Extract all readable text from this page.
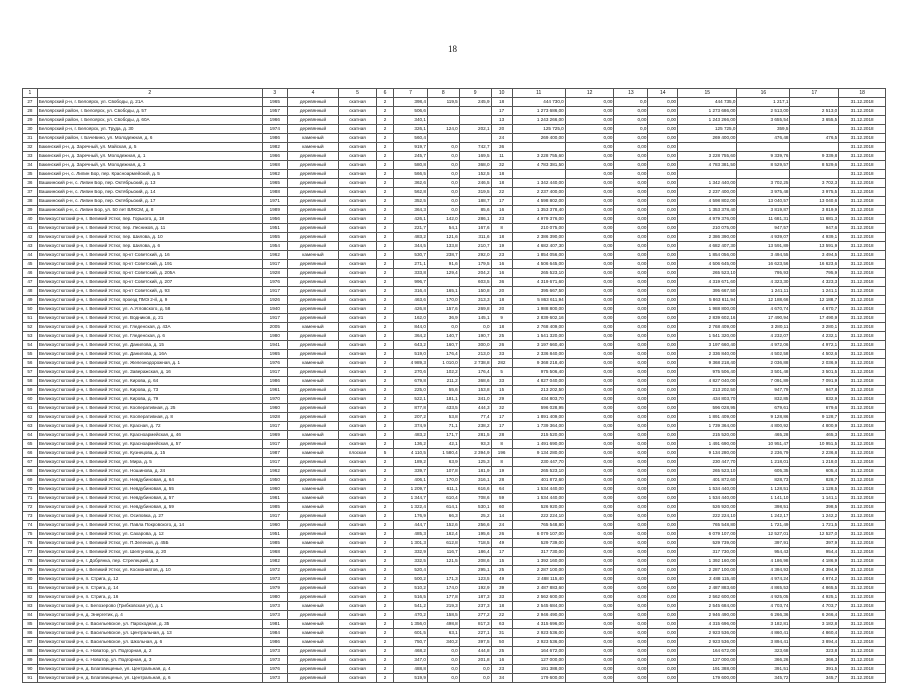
18
1	2	3	4	5	6	7	8	9	10	11	12	13	14	15	16	17	18
27	Белоярский р-н, г. Белоярск, ул. Свободы, д. 21А	1965	деревянный	скатная	2	398,4	119,5	245,9	18	444 730,0	0,00	0,0	0,00	444 735,0	1 217,1		31.12.2018
28	Белоярский район, г. Белоярск, ул. Свободы, д. 57	1957	деревянный	скатная	2	506,6			17	1 273 686,00	0,00	0,00	0,00	1 273 686,00	2 513,00	2 513,0	31.12.2018
29	Белоярский район, г. Белоярск, ул. Свободы, д. 60А	1966	деревянный	скатная	2	340,1			13	1 243 266,00	0,00	0,00	0,00	1 243 266,00	3 655,54	3 655,5	31.12.2018
30	Белоярский р-н, г. Белоярск, ул. Труда, д. 30	1974	деревянный	скатная	2	326,1	124,0	202,1	20	125 725,0	0,00	0,0	0,00	125 725,0	359,5		31.12.2018
31	Белоярский район, г. Бачевино, ул. Молодежная, д. 6	1986	каменный	скатная	2	560,4			24	269 400,00	0,00	0,00	0,00	269 400,00	476,48	476,5	31.12.2018
32	Бакинский р-н, д. Заречный, ул. Майская, д. 5	1982	каменный	скатная	2	919,7	0,0	742,7	36		0,00	0,00	0,00				31.12.2018
33	Бакинский р-н, д. Заречный, ул. Молодежная, д. 1	1966	деревянный	скатная	2	245,7	0,0	169,5	11	3 228 755,60	0,00	0,00	0,00	3 228 755,60	9 339,76	9 339,8	31.12.2018
34	Бакинский р-н, д. Заречный, ул. Молодежная, д. 3	1968	деревянный	скатная	2	580,8	0,0	368,0	32	4 783 381,50	0,00	0,00	0,00	4 783 381,50	8 529,57	8 529,6	31.12.2018
35	Бакинский р-н, с. Липин Бор, пер. Красноармейский, д. 5	1962	деревянный	скатная	2	566,5	0,0	152,5	18		0,00	0,00	0,00				31.12.2018
36	Вашкинский р-н, с. Липин Бор, пер. Октябрьский, д. 13	1965	деревянный	скатная	2	362,6	0,0	246,5	18	1 342 440,00	0,00	0,00	0,00	1 342 440,00	3 702,25	3 702,3	31.12.2018
37	Вашкинский р-н, с. Липин Бор, пер. Октябрьский, д. 14	1988	деревянный	скатная	2	562,8	0,0	319,5	22	2 237 400,00	0,00	0,00	0,00	2 237 400,00	3 975,48	3 975,5	31.12.2018
38	Вашкинский р-н, с. Липин Бор, пер. Октябрьский, д. 17	1971	деревянный	скатная	2	352,5	0,0	188,7	17	4 598 802,00	0,00	0,00	0,00	4 598 802,00	13 040,57	13 040,6	31.12.2018
39	Вашкинский р-н, с. Липин Бор, ул. 50 лет ВЛКСМ, д. 8	1989	деревянный	скатная	2	364,3	0,0	85,6	16	1 353 378,40	0,00	0,00	0,00	1 353 378,40	3 819,87	3 819,9	31.12.2018
40	Великоустюгский р-н, г. Великий Устюг, пер. Горького, д. 18	1956	деревянный	скатная	2	426,1	142,0	286,1	23	4 979 376,00	0,00	0,00	0,00	4 979 376,00	11 681,31	11 681,3	31.12.2018
41	Великоустюгский р-н, г. Великий Устюг, пер. Лесников, д. 11	1951	деревянный	скатная	2	221,7	54,1	167,6	8	210 075,00	0,00	0,00	0,00	210 075,00	947,57	947,6	31.12.2018
42	Великоустюгский р-н, г. Великий Устюг, пер. Шилова, д. 10	1955	деревянный	скатная	2	483,2	121,6	311,6	18	2 386 390,00	0,00	0,00	0,00	2 386 390,00	4 939,07	4 939,1	31.12.2018
43	Великоустюгский р-н, г. Великий Устюг, пер. Шилова, д. 6	1954	деревянный	скатная	2	344,5	133,8	210,7	19	4 682 407,30	0,00	0,00	0,00	4 682 407,30	13 591,89	13 591,9	31.12.2018
44	Великоустюгский р-н, г. Великий Устюг, пр-кт Советский, д. 16	1962	каменный	скатная	2	530,7	238,7	292,0	23	1 854 056,00	0,00	0,00	0,00	1 854 056,00	3 494,55	3 494,5	31.12.2018
45	Великоустюгский р-н, г. Великий Устюг, пр-кт Советский, д. 191	1917	деревянный	скатная	2	271,1	91,6	179,5	16	4 506 645,00	0,00	0,00	0,00	4 506 645,00	16 623,56	16 623,6	31.12.2018
46	Великоустюгский р-н, г. Великий Устюг, пр-кт Советский, д. 205А	1928	деревянный	скатная	2	333,8	129,4	204,2	16	265 523,10	0,00	0,00	0,00	265 523,10	795,93	795,9	31.12.2018
47	Великоустюгский р-н, г. Великий Устюг, пр-кт Советский, д. 207	1976	деревянный	скатная	2	996,7		603,5	36	4 319 671,60	0,00	0,00	0,00	4 319 671,60	4 323,30	4 323,3	31.12.2018
48	Великоустюгский р-н, г. Великий Устюг, пр-кт Советский, д. 93	1917	деревянный	скатная	2	316,4	165,1	150,8	20	395 667,50	0,00	0,00	0,00	395 667,50	1 241,11	1 241,1	31.12.2018
49	Великоустюгский р-н, г. Великий Устюг, проезд ПМЭ 2-й, д. 9	1926	деревянный	скатная	2	463,6	170,0	313,3	18	5 863 611,94	0,00	0,00	0,00	5 863 611,94	12 188,66	12 188,7	31.12.2018
50	Великоустюгский р-н, г. Великий Устюг, ул. А.Угловского, д. 58	1940	деревянный	скатная	2	426,8	157,6	269,8	20	1 988 800,00	0,00	0,00	0,00	1 988 800,00	4 670,74	4 670,7	31.12.2018
51	Великоустюгский р-н, г. Великий Устюг, ул. Водников, д. 21	1917	деревянный	скатная	2	162,0	36,9	145,1	9	2 839 602,16	0,00	0,00	0,00	2 839 602,16	17 490,94	17 490,9	31.12.2018
52	Великоустюгский р-н, г. Великий Устюг, ул. Гледенская, д. 43А	2005	каменный	скатная	2	844,0	0,0	0,0	18	2 768 409,00	0,00	0,00	0,00	2 768 409,00	3 280,11	3 280,1	31.12.2018
53	Великоустюгский р-н, г. Великий Устюг, ул. Гледенская, д. 6	1980	деревянный	скатная	2	364,2	140,7	190,7	25	1 541 320,00	0,00	0,00	0,00	1 541 320,00	4 232,07	4 232,1	31.12.2018
54	Великоустюгский р-н, г. Великий Устюг, ул. Данилова, д. 15	1941	деревянный	скатная	2	643,2	160,7	300,0	26	3 197 660,40	0,00	0,00	0,00	3 197 660,40	4 972,06	4 972,1	31.12.2018
55	Великоустюгский р-н, г. Великий Устюг, ул. Данилова, д. 16А	1965	деревянный	скатная	2	519,0	176,4	213,0	33	2 336 840,00	0,00	0,00	0,00	2 336 840,00	4 502,58	4 502,6	31.12.2018
56	Великоустюгский р-н, г. Великий Устюг, ул. Железнодорожная, д. 1	1976	каменный	скатная	2	4 989,3	1 010,0	2 738,8	282	9 368 218,40	0,00	0,00	0,00	9 368 218,40	2 036,88	2 036,9	31.12.2018
57	Великоустюгский р-н, г. Великий Устюг, ул. Заверажская, д. 16	1917	деревянный	скатная	2	270,6	102,2	176,4	5	975 506,40	0,00	0,00	0,00	975 506,40	3 501,48	3 501,5	31.12.2018
58	Великоустюгский р-н, г. Великий Устюг, ул. Кирова, д. 64	1986	каменный	скатная	2	679,8	211,2	368,6	33	4 827 040,00	0,00	0,00	0,00	4 827 040,00	7 091,89	7 091,9	31.12.2018
59	Великоустюгский р-н, г. Великий Устюг, ул. Кирова, д. 73	1961	деревянный	скатная	2	225,0	55,6	153,8	15	213 202,50	0,00	0,00	0,00	213 202,50	947,79	947,8	31.12.2018
60	Великоустюгский р-н, г. Великий Устюг, ул. Кирова, д. 79	1970	деревянный	скатная	2	522,1	181,1	341,0	29	434 803,70	0,00	0,00	0,00	434 803,70	832,85	832,9	31.12.2018
61	Великоустюгский р-н, г. Великий Устюг, ул. Кооперативная, д. 25	1960	деревянный	скатная	2	877,8	433,5	444,3	32	596 028,95	0,00	0,00	0,00	596 028,95	679,61	679,6	31.12.2018
62	Великоустюгский р-н, г. Великий Устюг, ул. Кооперативная, д. 8	1928	деревянный	скатная	2	207,2	53,8	77,4	17	1 891 409,00	0,00	0,00	0,00	1 891 409,00	9 128,86	9 128,7	31.12.2018
63	Великоустюгский р-н, г. Великий Устюг, ул. Красная, д. 72	1917	деревянный	скатная	2	374,9	71,1	238,2	17	1 739 364,00	0,00	0,00	0,00	1 739 364,00	4 800,92	4 800,9	31.12.2018
64	Великоустюгский р-н, г. Великий Устюг, ул. Красноармейская, д. 46	1969	каменный	скатная	2	483,2	171,7	281,5	28	215 520,00	0,00	0,00	0,00	215 520,00	465,28	465,3	31.12.2018
65	Великоустюгский р-н, г. Великий Устюг, ул. Красноармейская, д. 57	1917	деревянный	скатная	2	136,2	42,1	93,3	8	1 491 690,00	0,00	0,00	0,00	1 491 690,00	10 951,47	10 951,5	31.12.2018
66	Великоустюгский р-н, г. Великий Устюг, ул. Кузнецова, д. 15	1987	каменный	плоская	5	4 110,5	1 580,4	2 394,9	196	9 134 280,00	0,00	0,00	0,00	9 134 280,00	2 236,79	2 236,8	31.12.2018
67	Великоустюгский р-н, г. Великий Устюг, ул. Мира, д. 5	1917	деревянный	скатная	2	189,2	63,9	125,3	8	230 447,70	0,00	0,00	0,00	230 447,70	1 218,01	1 218,0	31.12.2018
68	Великоустюгский р-н, г. Великий Устюг, ул. Ношинова, д. 24	1962	деревянный	скатная	2	339,7	107,8	181,9	19	265 523,10	0,00	0,00	0,00	265 523,10	605,35	605,4	31.12.2018
69	Великоустюгский р-н, г. Великий Устюг, ул. Невдубиновая, д. 64	1950	деревянный	скатная	2	406,1	170,0	316,1	28	401 872,60	0,00	0,00	0,00	401 872,60	828,73	828,7	31.12.2018
70	Великоустюгский р-н, г. Великий Устюг, ул. Невдубиновая, д. 55	1960	каменный	скатная	2	1 209,7	611,1	616,6	64	1 534 440,00	0,00	0,00	0,00	1 534 440,00	1 128,51	1 128,5	31.12.2018
71	Великоустюгский р-н, г. Великий Устюг, ул. Невдубиновая, д. 57	1961	каменный	скатная	2	1 344,7	610,4	708,6	59	1 534 440,00	0,00	0,00	0,00	1 534 440,00	1 141,10	1 141,1	31.12.2018
72	Великоустюгский р-н, г. Великий Устюг, ул. Невдубиновая, д. 59	1985	каменный	скатная	2	1 322,4	614,1	530,1	60	526 920,00	0,00	0,00	0,00	526 920,00	398,51	398,5	31.12.2018
73	Великоустюгский р-н, г. Великий Устюг, ул. Осиповка, д. 27	1917	деревянный	скатная	2	176,9	66,3	25,2	14	222 224,10	0,00	0,00	0,00	222 224,10	1 242,17	1 242,2	31.12.2018
74	Великоустюгский р-н, г. Великий Устюг, ул. Павла Покровского, д. 14	1960	деревянный	скатная	2	444,7	152,6	256,6	24	765 548,80	0,00	0,00	0,00	765 548,80	1 721,49	1 721,5	31.12.2018
75	Великоустюгский р-н, г. Великий Устюг, ул. Сахарова, д. 12	1951	деревянный	скатная	2	485,3	162,4	195,6	26	6 079 107,00	0,00	0,00	0,00	6 079 107,00	12 527,01	12 527,0	31.12.2018
76	Великоустюгский р-н, г. Великий Устюг, ул. П.Зеленая, д. 45Б	1985	каменный	скатная	2	1 301,3	612,8	718,5	49	529 739,00	0,00	0,00	0,00	529 739,00	397,91	397,9	31.12.2018
77	Великоустюгский р-н, г. Великий Устюг, ул. Шелгунова, д. 20	1968	деревянный	скатная	2	332,9	116,7	186,4	17	317 730,00	0,00	0,00	0,00	317 730,00	954,43	954,4	31.12.2018
78	Великоустюгский р-н, г. Добрянка, пер. Стрелецкий, д. 3	1982	деревянный	скатная	2	332,5	121,5	208,6	15	1 392 160,00	0,00	0,00	0,00	1 392 160,00	4 186,98	4 186,9	31.12.2018
79	Великоустюгский р-н, г. Великий Устюг, ул. Космонавтов, д. 10	1972	деревянный	скатная	2	520,4		295,1	25	2 287 100,00	0,00	0,00	0,00	2 287 100,00	4 394,93	4 394,9	31.12.2018
80	Великоустюгский р-н, п. Стрига, д. 12	1973	деревянный	скатная	2	500,2	171,3	123,5	49	2 488 115,40	0,00	0,00	0,00	2 488 115,40	4 974,24	4 974,2	31.12.2018
81	Великоустюгский р-н, п. Стрига, д. 14	1979	деревянный	скатная	2	510,2	174,0	192,9	39	2 487 883,60	0,00	0,00	0,00	2 487 883,60	4 865,53	4 865,5	31.12.2018
82	Великоустюгский р-н, п. Стрига, д. 16	1980	деревянный	скатная	2	516,5	177,8	187,3	33	2 562 600,00	0,00	0,00	0,00	2 562 600,00	4 925,05	4 925,1	31.12.2018
83	Великоустюгский р-н, с. Белозерово (Грибковская ул), д. 1	1973	каменный	скатная	2	541,2	219,3	237,3	18	2 545 684,00	0,00	0,00	0,00	2 545 684,00	4 703,74	4 703,7	31.12.2018
84	Великоустюгский р-н, д. Энергетик, д. 4	1973	деревянный	скатная	2	470,2	158,5	277,2	22	2 946 490,00	0,00	0,00	0,00	2 946 490,00	6 266,36	6 266,4	31.12.2018
85	Великоустюгский р-н, с. Васильевское, ул. Пароходная, д. 35	1981	каменный	скатная	2	1 356,0	498,8	817,3	63	4 315 696,00	0,00	0,00	0,00	4 315 696,00	3 182,81	3 182,8	31.12.2018
86	Великоустюгский р-н, с. Васильевское, ул. Центральная, д. 13	1984	каменный	скатная	2	601,5	63,1	227,1	31	2 923 536,00	0,00	0,00	0,00	2 923 536,00	4 860,41	4 860,4	31.12.2018
87	Великоустюгский р-н, с. Васильевское, ул. Школьная, д. 6	1986	каменный	скатная	2	750,7	340,2	397,5	50	2 923 536,00	0,00	0,00	0,00	2 923 536,00	3 894,41	3 894,4	31.12.2018
88	Великоустюгский р-н, с. Новатор, ул. Подгорная, д. 2	1973	деревянный	скатная	2	468,2	0,0	444,8	25	164 672,00	0,00	0,00	0,00	164 672,00	323,68	323,8	31.12.2018
89	Великоустюгский р-н, с. Новатор, ул. Подгорная, д. 3	1973	деревянный	скатная	2	347,0	0,0	201,8	16	127 000,00	0,00	0,00	0,00	127 000,00	366,26	366,3	31.12.2018
90	Великоустюгский р-н, д. Благовещенье, ул. Центральная, д. 4	1976	деревянный	скатная	2	488,8	0,0	0,0	23	191 388,00	0,00	0,00	0,00	191 388,00	391,51	391,5	31.12.2018
91	Великоустюгский р-н, д. Благовещенье, ул. Центральная, д. 6	1973	деревянный	скатная	2	519,9	0,0	0,0	34	179 600,00	0,00	0,00	0,00	179 600,00	345,72	345,7	31.12.2018
